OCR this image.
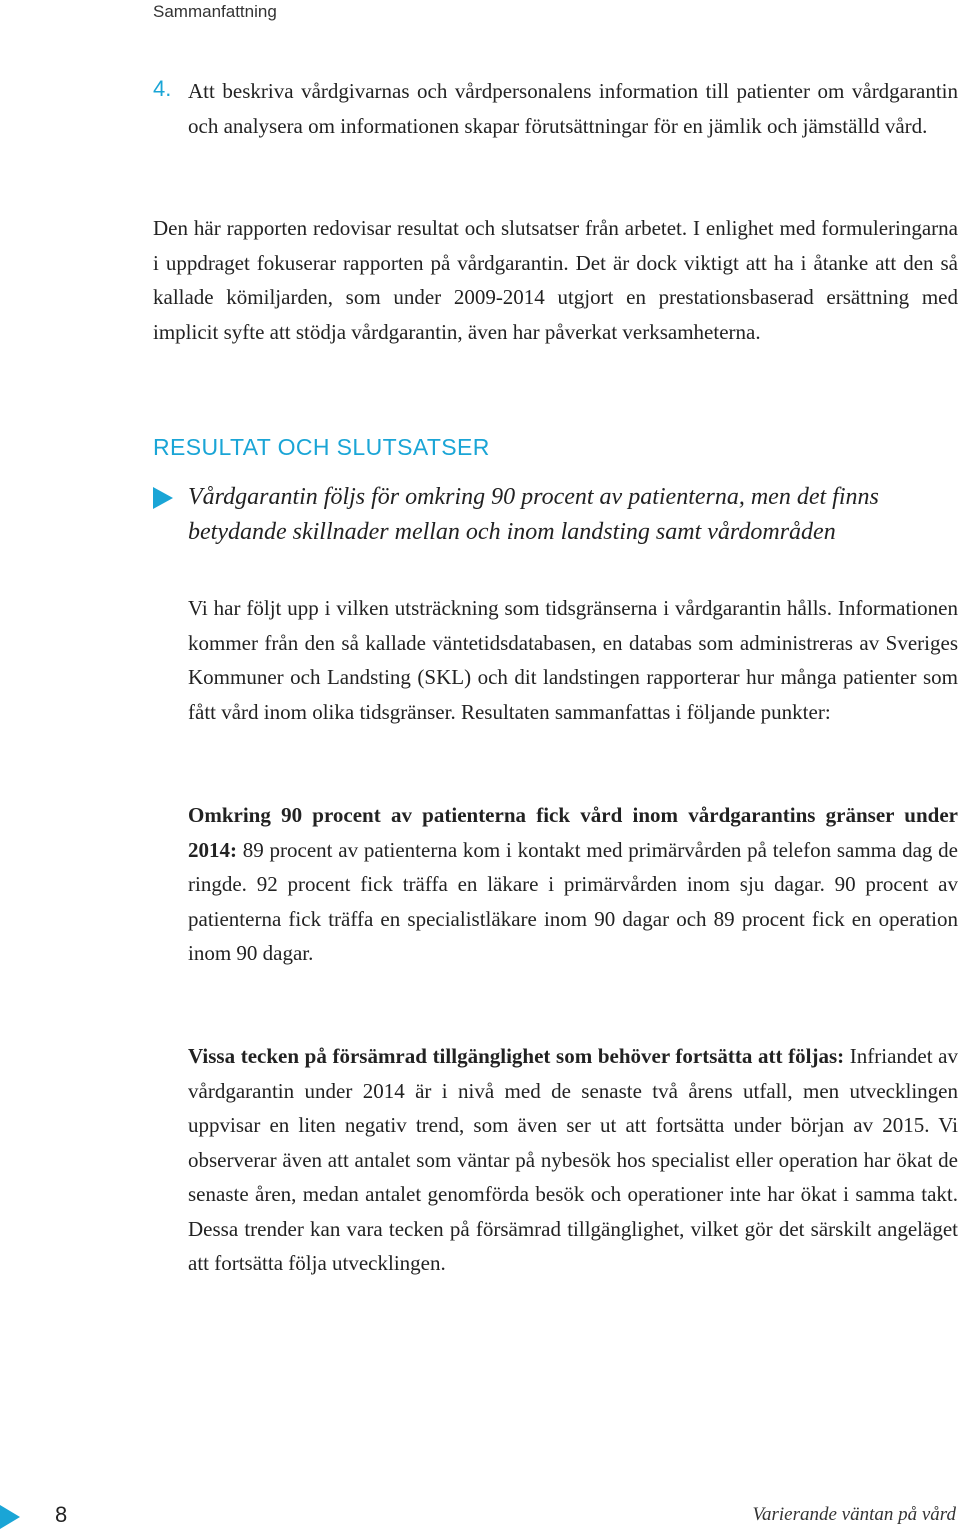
Sammanfattning
4. Att beskriva vårdgivarnas och vårdpersonalens information till patienter om vårdgarantin och analysera om informationen skapar förutsättningar för en jämlik och jämställd vård.

Den här rapporten redovisar resultat och slutsatser från arbetet. I enlighet med formuleringarna i uppdraget fokuserar rapporten på vårdgarantin. Det är dock viktigt att ha i åtanke att den så kallade kömiljarden, som under 2009-2014 utgjort en prestationsbaserad ersättning med implicit syfte att stödja vårdgarantin, även har påverkat verksamheterna.

RESULTAT OCH SLUTSATSER

Vårdgarantin följs för omkring 90 procent av patienterna, men det finns betydande skillnader mellan och inom landsting samt vårdområden

Vi har följt upp i vilken utsträckning som tidsgränserna i vårdgarantin hålls. Informationen kommer från den så kallade väntetidsdatabasen, en databas som administreras av Sveriges Kommuner och Landsting (SKL) och dit landstingen rapporterar hur många patienter som fått vård inom olika tidsgränser. Resultaten sammanfattas i följande punkter:

Omkring 90 procent av patienterna fick vård inom vårdgarantins gränser under 2014: 89 procent av patienterna kom i kontakt med primärvården på telefon samma dag de ringde. 92 procent fick träffa en läkare i primärvården inom sju dagar. 90 procent av patienterna fick träffa en specialistläkare inom 90 dagar och 89 procent fick en operation inom 90 dagar.

Vissa tecken på försämrad tillgänglighet som behöver fortsätta att följas: Infriandet av vårdgarantin under 2014 är i nivå med de senaste två årens utfall, men utvecklingen uppvisar en liten negativ trend, som även ser ut att fortsätta under början av 2015. Vi observerar även att antalet som väntar på nybesök hos specialist eller operation har ökat de senaste åren, medan antalet genomförda besök och operationer inte har ökat i samma takt. Dessa trender kan vara tecken på försämrad tillgänglighet, vilket gör det särskilt angeläget att fortsätta följa utvecklingen.

8	Varierande väntan på vård
